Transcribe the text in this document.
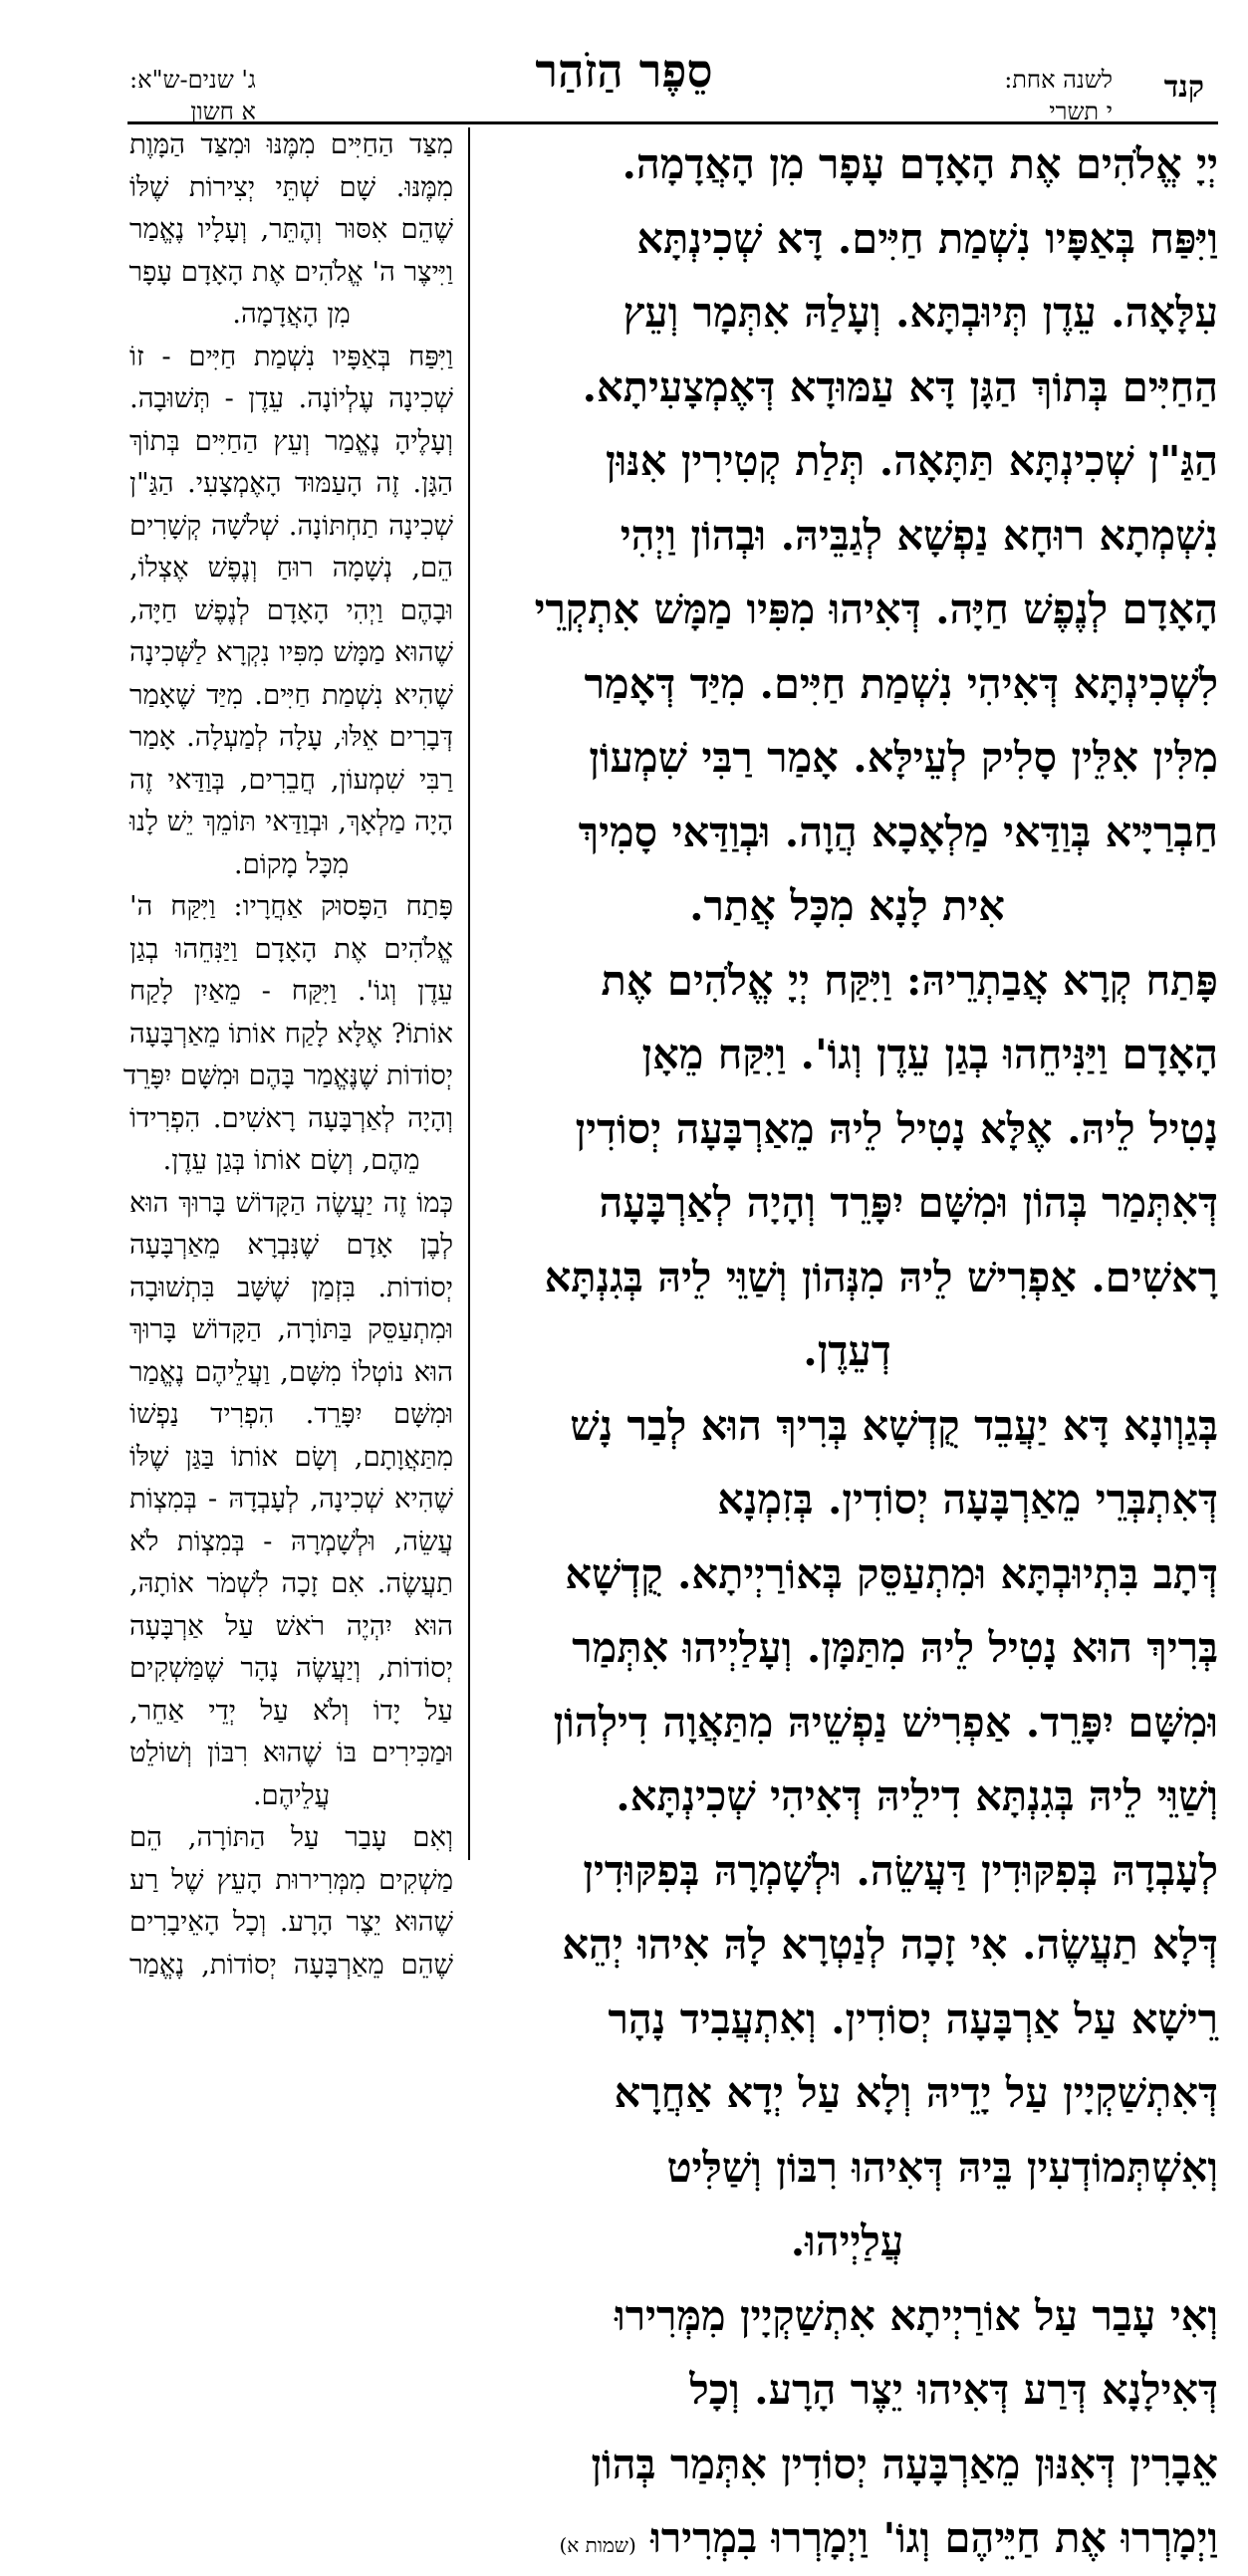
קנד
לשנה אחת:
י תשרי
סֵפֶר הַזֹהַר
ג' שנים-ש"א:
א חשון
יְיָ אֱלֹהִים אֶת הָאָדָם עָפָר מִן הָאֲדָמָה.
וַיִּפַּח בְּאַפָּיו נִשְׁמַת חַיִּים. דָּא שְׁכִינְתָּא
עִלָּאָה. עֵדֶן תְּיוּבְתָּא. וְעָלַהּ אִתְּמָר וְעֵץ
הַחַיִּים בְּתוֹךְ הַגָּן דָּא עַמּוּדָא דְּאֶמְצָעִיתָא.
הַגַּ"ן שְׁכִינְתָּא תַּתָּאָה. תְּלַת קְטִירִין אִנּוּן
נִשְׁמְתָא רוּחָא נַפְשָׁא לְגַבֵּיהּ. וּבְהוֹן וַיְהִי
הָאָדָם לְנֶפֶשׁ חַיָּה. דְּאִיהוּ מִפִּיו מַמָּשׁ אִתְקְרֵי
לִשְׁכִינְתָּא דְּאִיהִי נִשְׁמַת חַיִּים. מִיַּד דְּאָמַר
מִלִּין אִלֵּין סָלִיק לְעֵילָּא. אָמַר רַבִּי שִׁמְעוֹן
חַבְרַיָּיא בְּוַדַּאי מַלְאָכָא הֲוָה. וּבְוַדַּאי סָמִיךְ
אִית לָנָא מִכָּל אֲתַר.
פָּתַח קְרָא אֲבַתְרֵיהּ: וַיִּקַּח יְיָ אֱלֹהִים אֶת
הָאָדָם וַיַּנִּיחֵהוּ בְגַן עֵדֶן וְגוֹ'. וַיִּקַּח מֵאָן
נָטִיל לֵיהּ. אֶלָּא נָטִיל לֵיהּ מֵאַרְבָּעָה יְסוֹדִין
דְּאִתְּמַר בְּהוֹן וּמִשָּׁם יִפָּרֵד וְהָיָה לְאַרְבָּעָה
רָאשִׁים. אַפְרִישׁ לֵיהּ מִנְּהוֹן וְשַׁוֵּי לֵיהּ בְּגִנְתָּא
דְעֵדֶן.
בְּגַוְונָא דָּא יַעֲבֵד קֻדְשָׁא בְּרִיךְ הוּא לְבַר נָשׁ
דְּאִתְבְּרֵי מֵאַרְבָּעָה יְסוֹדִין. בְּזִמְנָא
דְּתָב בִּתְיוּבְתָּא וּמִתְעַסֵּק בְּאוֹרַיְיתָא. קֻדְשָׁא
בְּרִיךְ הוּא נָטִיל לֵיהּ מִתַּמָּן. וְעָלַיְיהוּ אִתְּמַר
וּמִשָּׁם יִפָּרֵד. אַפְרִישׁ נַפְשֵׁיהּ מִתַּאֲוָה דִילְהוֹן
וְשַׁוֵּי לֵיהּ בְּגִנְתָּא דִילֵיהּ דְּאִיהִי שְׁכִינְתָּא.
לְעָבְדָהּ בְּפִקּוּדִין דַּעֲשֵׂה. וּלְשָׁמְרָהּ בְּפִקּוּדִין
דְּלָא תַעֲשֶׂה. אִי זָכָה לְנַטְרָא לָהּ אִיהוּ יְהֵא
רֵישָׁא עַל אַרְבָּעָה יְסוֹדִין. וְאִתְעֲבִיד נָהָר
דְּאִתְשַׁקְיָין עַל יָדֵיהּ וְלָא עַל יְדָא אַחֲרָא
וְאִשְׁתְּמוֹדְעִין בֵּיהּ דְּאִיהוּ רִבּוֹן וְשַׁלִּיט
עֲלַיְיהוּ.
וְאִי עָבַר עַל אוֹרַיְיתָא אִתְשַׁקְיָין מִמְּרִירוּ
דְּאִילָנָא דְּרַע דְּאִיהוּ יֵצֶר הָרָע. וְכָל
אֵבָרִין דְּאִנּוּן מֵאַרְבָּעָה יְסוֹדִין אִתְּמַר בְּהוֹן
וַיְמָרְרוּ אֶת חַיֵּיהֶם וְגוֹ' וַיְמָרְרוּ בִמְרִירוּ (שמות א)
מִצַּד הַחַיִּים מִמֶּנּוּ וּמִצַּד הַמָּוֶת
מִמֶּנּוּ. שָׁם שְׁתֵּי יְצִירוֹת שֶׁלּוֹ
שֶׁהֵם אִסּוּר וְהֶתֵּר, וְעָלָיו נֶאֱמַר
וַיִּיצֶר ה' אֱלֹהִים אֶת הָאָדָם עָפָר
מִן הָאֲדָמָה.
וַיִּפַּח בְּאַפָּיו נִשְׁמַת חַיִּים - זוֹ
שְׁכִינָה עֶלְיוֹנָה. עֵדֶן - תְּשׁוּבָה.
וְעָלֶיהָ נֶאֱמַר וְעֵץ הַחַיִּים בְּתוֹךְ
הַגָּן. זֶה הָעַמּוּד הָאֶמְצָעִי. הַגַּ"ן
שְׁכִינָה תַחְתּוֹנָה. שְׁלֹשָׁה קְשָׁרִים
הֵם, נְשָׁמָה רוּחַ וְנֶפֶשׁ אֶצְלוֹ,
וּבָהֶם וַיְהִי הָאָדָם לְנֶפֶשׁ חַיָּה,
שֶׁהוּא מַמָּשׁ מִפִּיו נִקְרָא לַשְּׁכִינָה
שֶׁהִיא נִשְׁמַת חַיִּים. מִיַּד שֶׁאָמַר
דְּבָרִים אֵלּוּ, עָלָה לְמַעְלָה. אָמַר
רַבִּי שִׁמְעוֹן, חֲבֵרִים, בְּוַדַּאי זֶה
הָיָה מַלְאָךְ, וּבְוַדַּאי תּוֹמֵךְ יֵשׁ לָנוּ
מִכָּל מָקוֹם.
פָּתַח הַפָּסוּק אַחֲרָיו: וַיִּקַּח ה'
אֱלֹהִים אֶת הָאָדָם וַיַּנִּחֵהוּ בְגַן
עֵדֶן וְגוֹ'. וַיִּקַּח - מֵאַיִן לָקַח
אוֹתוֹ? אֶלָּא לָקַח אוֹתוֹ מֵאַרְבָּעָה
יְסוֹדוֹת שֶׁנֶּאֱמַר בָּהֶם וּמִשָּׁם יִפָּרֵד
וְהָיָה לְאַרְבָּעָה רָאשִׁים. הִפְרִידוֹ
מֵהֶם, וְשָׂם אוֹתוֹ בְּגַן עֵדֶן.
כְּמוֹ זֶה יַעֲשֶׂה הַקָּדוֹשׁ בָּרוּךְ הוּא
לְבֶן אָדָם שֶׁנִּבְרָא מֵאַרְבָּעָה
יְסוֹדוֹת. בִּזְמַן שֶׁשָּׁב בִּתְשׁוּבָה
וּמִתְעַסֵּק בַּתּוֹרָה, הַקָּדוֹשׁ בָּרוּךְ
הוּא נוֹטְלוֹ מִשָּׁם, וַעֲלֵיהֶם נֶאֱמַר
וּמִשָּׁם יִפָּרֵד. הִפְרִיד נַפְשׁוֹ
מִתַּאֲוָתָם, וְשָׂם אוֹתוֹ בַּגַּן שֶׁלּוֹ
שֶׁהִיא שְׁכִינָה, לְעָבְדָהּ - בְּמִצְוֹת
עֲשֵׂה, וּלְשָׁמְרָהּ - בְּמִצְוֹת לֹא
תַעֲשֶׂה. אִם זָכָה לִשְׁמֹר אוֹתָהּ,
הוּא יִהְיֶה רֹאשׁ עַל אַרְבָּעָה
יְסוֹדוֹת, וְיַעֲשֶׂה נָהָר שֶׁמַּשְׁקִים
עַל יָדוֹ וְלֹא עַל יְדֵי אַחֵר,
וּמַכִּירִים בּוֹ שֶׁהוּא רִבּוֹן וְשׁוֹלֵט
עֲלֵיהֶם.
וְאִם עָבַר עַל הַתּוֹרָה, הֵם
מַשְׁקִים מִמְּרִירוּת הָעֵץ שֶׁל רַע
שֶׁהוּא יֵצֶר הָרָע. וְכָל הָאֵיבָרִים
שֶׁהֵם מֵאַרְבָּעָה יְסוֹדוֹת, נֶאֱמַר
